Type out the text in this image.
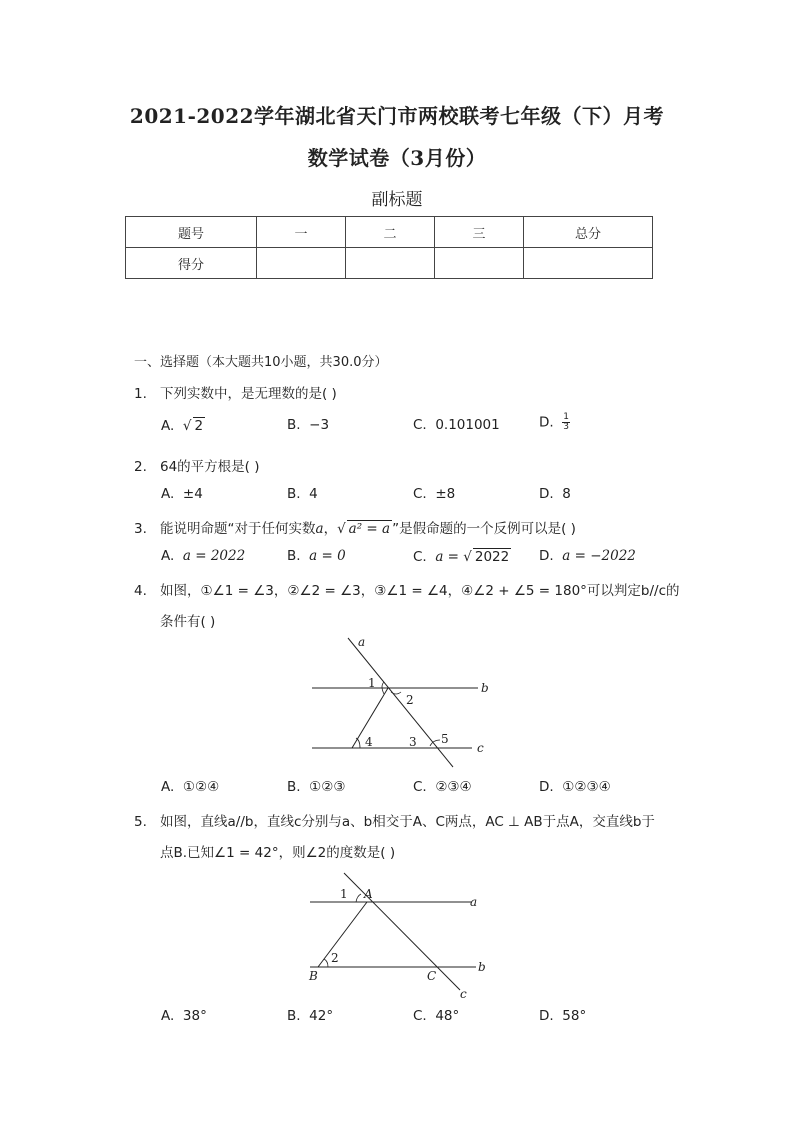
2021-2022学年湖北省天门市两校联考七年级（下）月考
数学试卷（3月份）
副标题
题号	一	二	三	总分
得分				
一、选择题（本大题共10小题，共30.0分）
1. 下列实数中，是无理数的是( )
A. √ 2	B. −3	C. 0.101001	D. $\frac{1}{3}$
2. 64的平方根是( )
A. ±4	B. 4	C. ±8	D. 8
3. 能说明命题“对于任何实数a，√ a² = a ”是假命题的一个反例可以是( )
A. a = 2022	B. a = 0	C. a = √ 2022 D. a = −2022
4. 如图，①∠1 = ∠3，②∠2 = ∠3，③∠1 = ∠4，④∠2 + ∠5 = 180°可以判定b//c的
条件有( )
a
b
c
1
2
3
4	5
A. ①②④	B. ①②③	C. ②③④	D. ①②③④
5. 如图，直线a//b，直线c分别与a、b相交于A、C两点，AC ⊥ AB于点A，交直线b于
点B.已知∠1 = 42°，则∠2的度数是( )
1 A
a
2
B	C
b
c
A. 38°	B. 42°	C. 48°	D. 58°
